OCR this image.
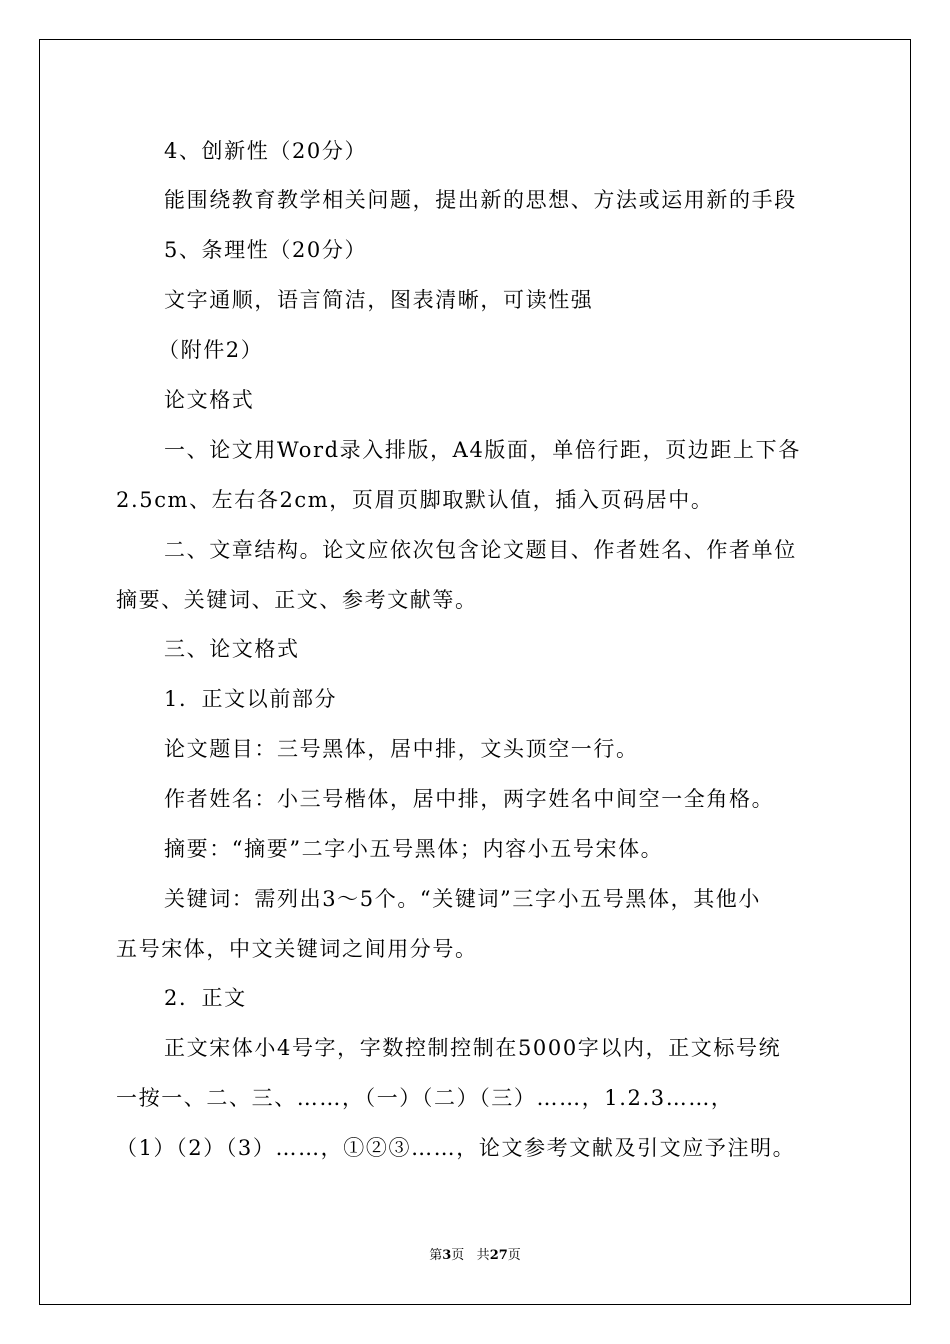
4、创新性（20分）
能围绕教育教学相关问题，提出新的思想、方法或运用新的手段
5、条理性（20分）
文字通顺，语言简洁，图表清晰，可读性强
（附件2）
论文格式
一、论文用Word录入排版，A4版面，单倍行距，页边距上下各
2.5cm、左右各2cm，页眉页脚取默认值，插入页码居中。
二、文章结构。论文应依次包含论文题目、作者姓名、作者单位
摘要、关键词、正文、参考文献等。
三、论文格式
1．正文以前部分
论文题目：三号黑体，居中排，文头顶空一行。
作者姓名：小三号楷体，居中排，两字姓名中间空一全角格。
摘要：“摘要”二字小五号黑体；内容小五号宋体。
关键词：需列出3～5个。“关键词”三字小五号黑体，其他小
五号宋体，中文关键词之间用分号。
2．正文
正文宋体小4号字，字数控制控制在5000字以内，正文标号统
一按一、二、三、……，（一）（二）（三）……，1.2.3……，
（1）（2）（3）……，①②③……，论文参考文献及引文应予注明。
第3页 共27页
